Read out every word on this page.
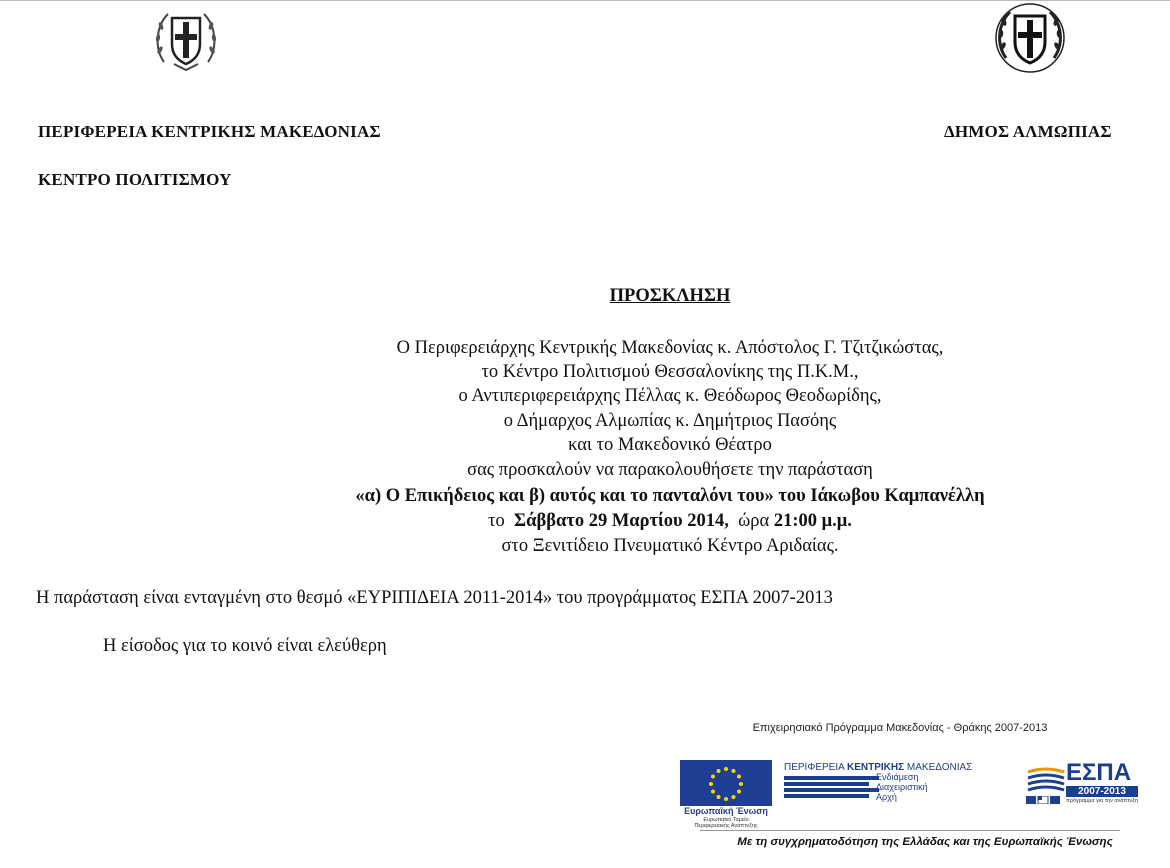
ΠΕΡΙΦΕΡΕΙΑ ΚΕΝΤΡΙΚΗΣ ΜΑΚΕΔΟΝΙΑΣ
ΚΕΝΤΡΟ ΠΟΛΙΤΙΣΜΟΥ
ΔΗΜΟΣ ΑΛΜΩΠΙΑΣ
ΠΡΟΣΚΛΗΣΗ
Ο Περιφερειάρχης Κεντρικής Μακεδονίας κ. Απόστολος Γ. Τζιτζικώστας,
το Κέντρο Πολιτισμού Θεσσαλονίκης της Π.Κ.Μ.,
ο Αντιπεριφερειάρχης Πέλλας κ. Θεόδωρος Θεοδωρίδης,
ο Δήμαρχος Αλμωπίας κ. Δημήτριος Πασόης
και το Μακεδονικό Θέατρο
σας προσκαλούν να παρακολουθήσετε την παράσταση
«α) Ο Επικήδειος και β) αυτός και το πανταλόνι του» του Ιάκωβου Καμπανέλλη
το  Σάββατο 29 Μαρτίου 2014,  ώρα 21:00 μ.μ.
στο Ξενιτίδειο Πνευματικό Κέντρο Αριδαίας.
Η παράσταση είναι ενταγμένη στο θεσμό «ΕΥΡΙΠΙΔΕΙΑ 2011-2014» του προγράμματος ΕΣΠΑ 2007-2013
Η είσοδος για το κοινό είναι ελεύθερη
Επιχειρησιακό Πρόγραμμα Μακεδονίας - Θράκης 2007-2013
Ευρωπαϊκή Ένωση
Ευρωπαϊκό Ταμείο
Περιφερειακής Ανάπτυξης
ΠΕΡΙΦΕΡΕΙΑ ΚΕΝΤΡΙΚΗΣ ΜΑΚΕΔΟΝΙΑΣ
Ενδιάμεση
Διαχειριστική
Αρχή
ΕΣΠΑ
2007-2013
πρόγραμμα για την ανάπτυξη
Με τη συγχρηματοδότηση της Ελλάδας και της Ευρωπαϊκής Ένωσης
